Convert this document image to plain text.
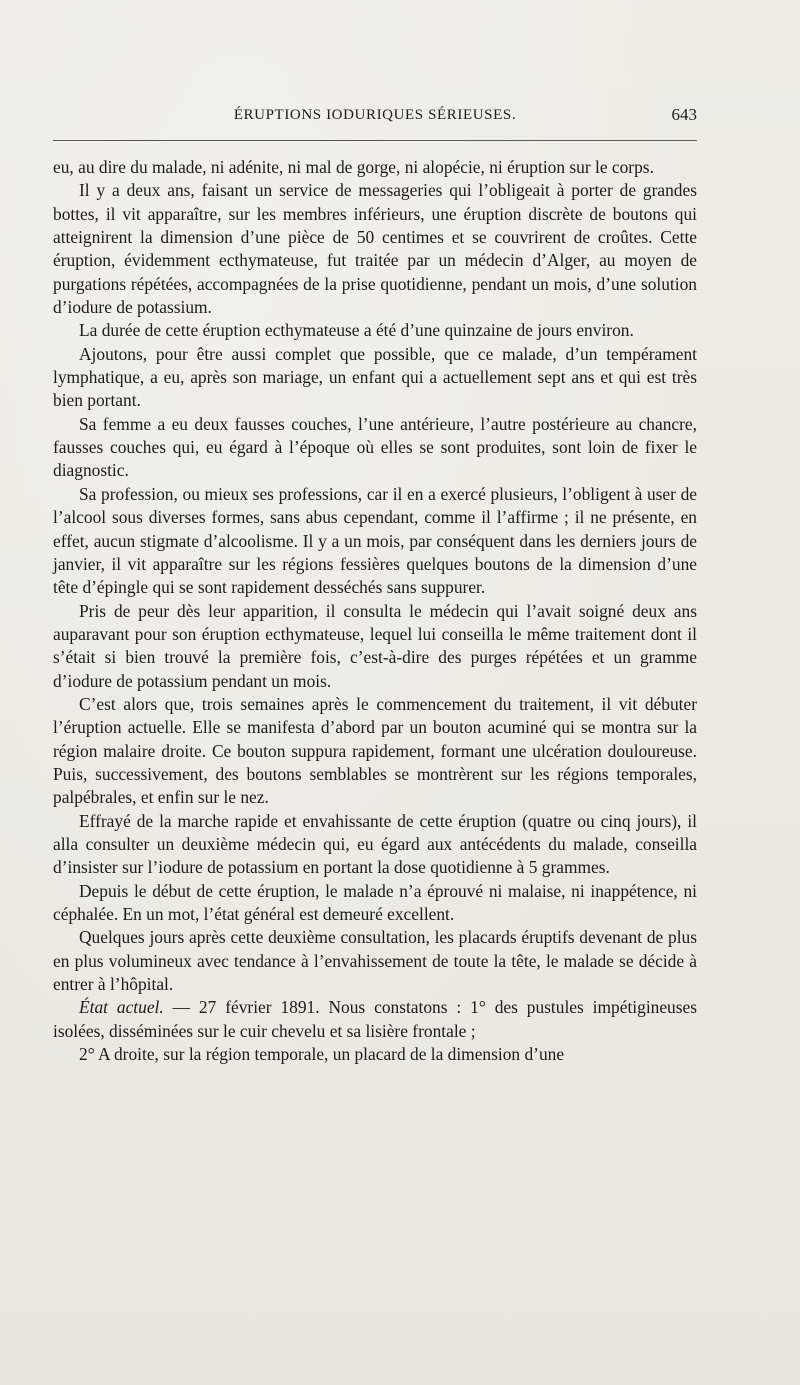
ÉRUPTIONS IODURIQUES SÉRIEUSES.	643

eu, au dire du malade, ni adénite, ni mal de gorge, ni alopécie, ni éruption sur le corps.

Il y a deux ans, faisant un service de messageries qui l’obligeait à porter de grandes bottes, il vit apparaître, sur les membres inférieurs, une éruption discrète de boutons qui atteignirent la dimension d’une pièce de 50 centimes et se couvrirent de croûtes. Cette éruption, évidemment ecthymateuse, fut traitée par un médecin d’Alger, au moyen de purgations répétées, accompagnées de la prise quotidienne, pendant un mois, d’une solution d’iodure de potassium.

La durée de cette éruption ecthymateuse a été d’une quinzaine de jours environ.

Ajoutons, pour être aussi complet que possible, que ce malade, d’un tempérament lymphatique, a eu, après son mariage, un enfant qui a actuellement sept ans et qui est très bien portant.

Sa femme a eu deux fausses couches, l’une antérieure, l’autre postérieure au chancre, fausses couches qui, eu égard à l’époque où elles se sont produites, sont loin de fixer le diagnostic.

Sa profession, ou mieux ses professions, car il en a exercé plusieurs, l’obligent à user de l’alcool sous diverses formes, sans abus cependant, comme il l’affirme ; il ne présente, en effet, aucun stigmate d’alcoolisme. Il y a un mois, par conséquent dans les derniers jours de janvier, il vit apparaître sur les régions fessières quelques boutons de la dimension d’une tête d’épingle qui se sont rapidement desséchés sans suppurer.

Pris de peur dès leur apparition, il consulta le médecin qui l’avait soigné deux ans auparavant pour son éruption ecthymateuse, lequel lui conseilla le même traitement dont il s’était si bien trouvé la première fois, c’est-à-dire des purges répétées et un gramme d’iodure de potassium pendant un mois.

C’est alors que, trois semaines après le commencement du traitement, il vit débuter l’éruption actuelle. Elle se manifesta d’abord par un bouton acuminé qui se montra sur la région malaire droite. Ce bouton suppura rapidement, formant une ulcération douloureuse. Puis, successivement, des boutons semblables se montrèrent sur les régions temporales, palpébrales, et enfin sur le nez.

Effrayé de la marche rapide et envahissante de cette éruption (quatre ou cinq jours), il alla consulter un deuxième médecin qui, eu égard aux antécédents du malade, conseilla d’insister sur l’iodure de potassium en portant la dose quotidienne à 5 grammes.

Depuis le début de cette éruption, le malade n’a éprouvé ni malaise, ni inappétence, ni céphalée. En un mot, l’état général est demeuré excellent.

Quelques jours après cette deuxième consultation, les placards éruptifs devenant de plus en plus volumineux avec tendance à l’envahissement de toute la tête, le malade se décide à entrer à l’hôpital.

État actuel. — 27 février 1891. Nous constatons : 1° des pustules impétigineuses isolées, disséminées sur le cuir chevelu et sa lisière frontale ;

2° A droite, sur la région temporale, un placard de la dimension d’une
